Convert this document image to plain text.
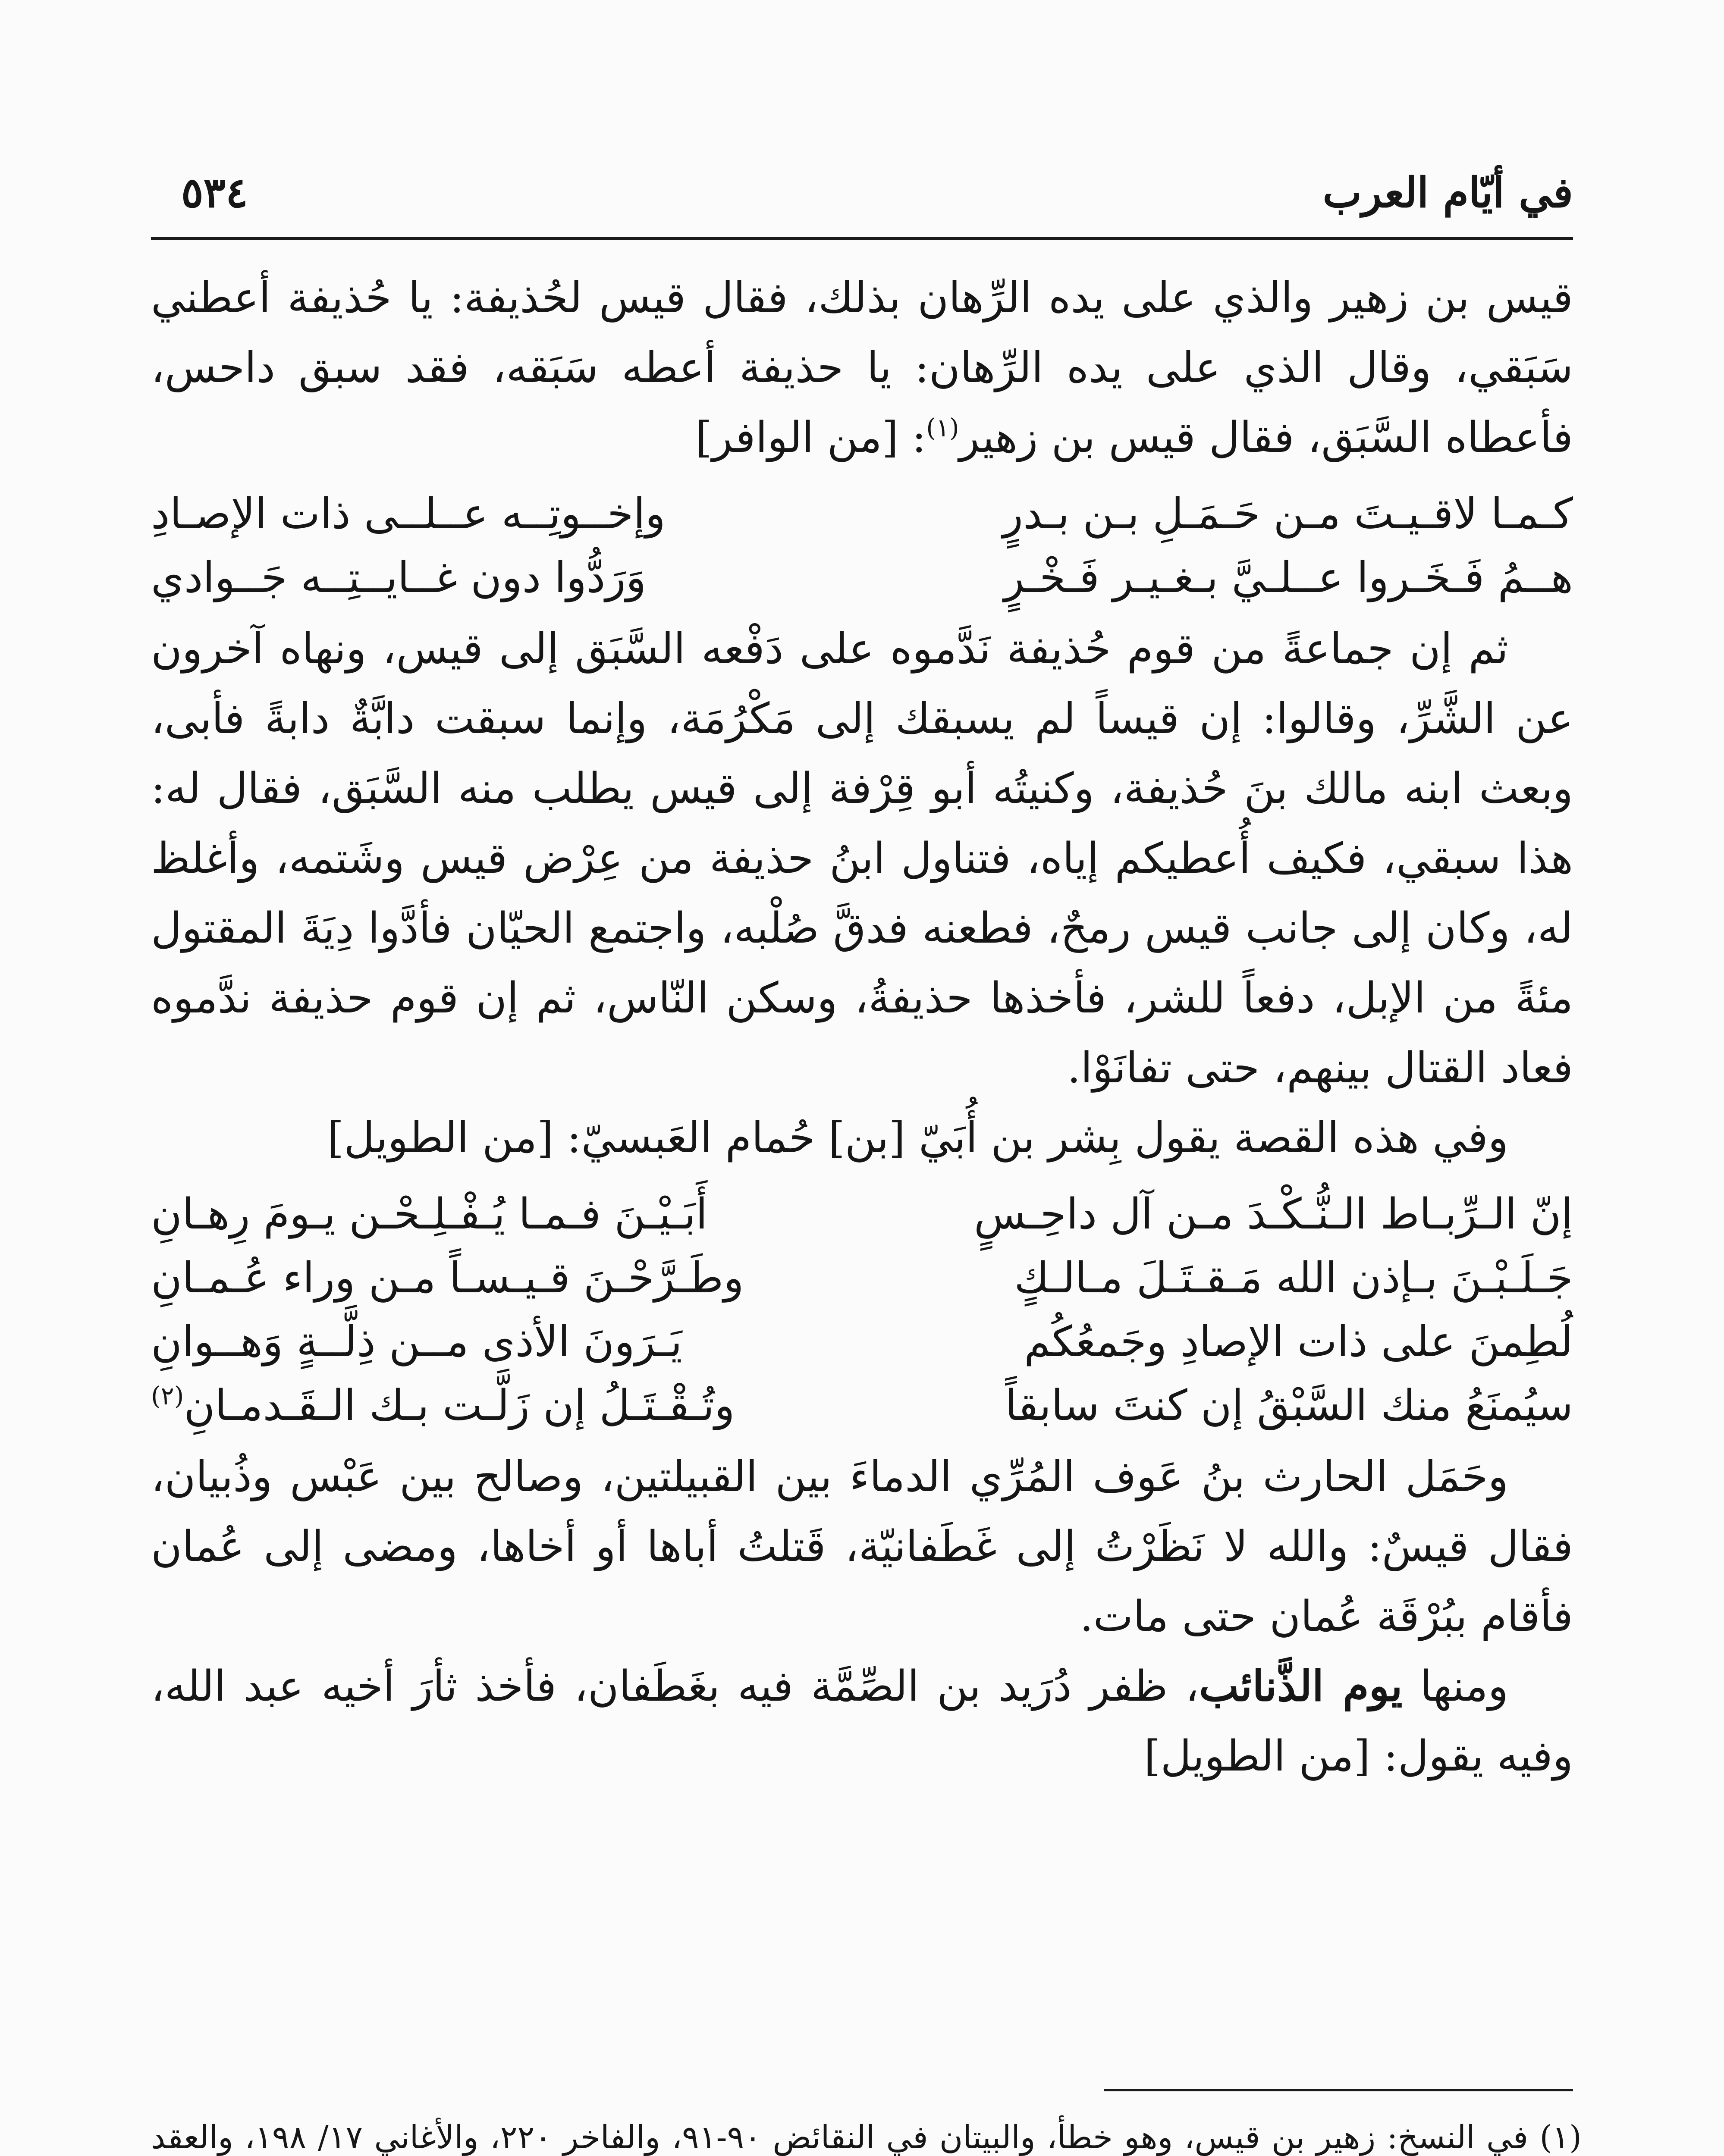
في أيّام العرب
٥٣٤

قيس بن زهير والذي على يده الرِّهان بذلك، فقال قيس لحُذيفة: يا حُذيفة أعطني سَبَقي، وقال الذي على يده الرِّهان: يا حذيفة أعطه سَبَقه، فقد سبق داحس، فأعطاه السَّبَق، فقال قيس بن زهير$^{(١)}$: [من الوافر]

كـمـا لاقـيـتَ مـن حَـمَـلِ بـن بـدرٍ
وإخــوتِــه عــلــى ذات الإصـادِ
هــمُ فَـخَـروا عــلـيَّ بـغـيـر فَـخْـرٍ
وَرَدُّوا دون غــايــتِــه جَــوادي

ثم إن جماعةً من قوم حُذيفة نَدَّموه على دَفْعه السَّبَق إلى قيس، ونهاه آخرون عن الشَّرِّ، وقالوا: إن قيساً لم يسبقك إلى مَكْرُمَة، وإنما سبقت دابَّةٌ دابةً فأبى، وبعث ابنه مالك بنَ حُذيفة، وكنيتُه أبو قِرْفة إلى قيس يطلب منه السَّبَق، فقال له: هذا سبقي، فكيف أُعطيكم إياه، فتناول ابنُ حذيفة من عِرْض قيس وشَتمه، وأغلظ له، وكان إلى جانب قيس رمحٌ، فطعنه فدقَّ صُلْبه، واجتمع الحيّان فأدَّوا دِيَةَ المقتول مئةً من الإبل، دفعاً للشر، فأخذها حذيفةُ، وسكن النّاس، ثم إن قوم حذيفة ندَّموه فعاد القتال بينهم، حتى تفانَوْا.

وفي هذه القصة يقول بِشر بن أُبَيّ [بن] حُمام العَبسيّ: [من الطويل]

إنّ الـرِّبـاط الـنُّـكْـدَ مـن آل داحِـسٍ
أَبَـيْـنَ فـمـا يُـفْـلِـحْـن يـومَ رِهـانِ
جَـلَـبْـنَ بـإذن الله مَـقـتَـلَ مـالـكٍ
وطَـرَّحْـنَ قـيـسـاً مـن وراء عُـمـانِ
لُطِمنَ على ذات الإصادِ وجَمعُكُم
يَـرَونَ الأذى مــن ذِلَّــةٍ وَهــوانِ
سيُمنَعُ منك السَّبْقُ إن كنتَ سابقاً
وتُـقْـتَـلُ إن زَلَّـت بـك الـقَـدمـانِ$^{(٢)}$

وحَمَل الحارث بنُ عَوف المُرِّي الدماءَ بين القبيلتين، وصالح بين عَبْس وذُبيان، فقال قيسٌ: والله لا نَظَرْتُ إلى غَطَفانيّة، قَتلتُ أباها أو أخاها، ومضى إلى عُمان فأقام ببُرْقَة عُمان حتى مات.

ومنها يوم الذَّنائب، ظفر دُرَيد بن الصِّمَّة فيه بغَطَفان، فأخذ ثأرَ أخيه عبد الله، وفيه يقول: [من الطويل]

(١) في النسخ: زهير بن قيس، وهو خطأ، والبيتان في النقائض ٩٠-٩١، والفاخر ٢٢٠، والأغاني ١٧/ ١٩٨، والعقد
